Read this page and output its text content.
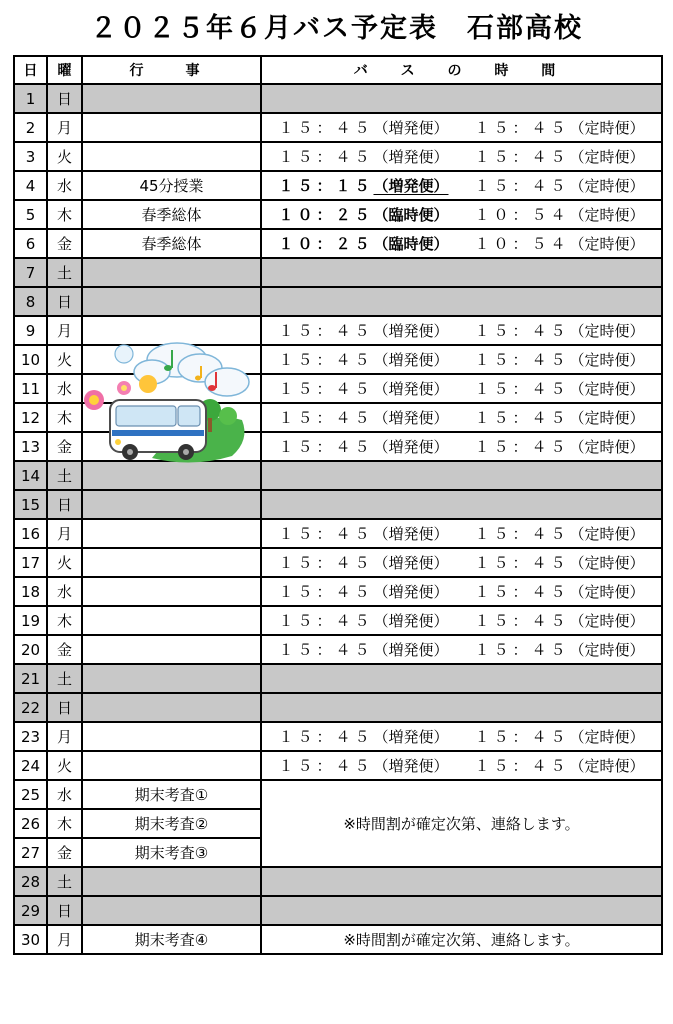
２０２５年６月バス予定表　石部高校
日	曜	行　事	バ ス の 時 間
1	日		
2	月		１５：４５（増発便） １５：４５（定時便）
3	火		１５：４５（増発便） １５：４５（定時便）
4	水	45分授業	１５：１５（増発便） １５：４５（定時便）
5	木	春季総体	１０：２５（臨時便） １０：５４（定時便）
6	金	春季総体	１０：２５（臨時便） １０：５４（定時便）
7	土		
8	日		
9	月		１５：４５（増発便） １５：４５（定時便）
10	火		１５：４５（増発便） １５：４５（定時便）
11	水		１５：４５（増発便） １５：４５（定時便）
12	木		１５：４５（増発便） １５：４５（定時便）
13	金		１５：４５（増発便） １５：４５（定時便）
14	土		
15	日		
16	月		１５：４５（増発便） １５：４５（定時便）
17	火		１５：４５（増発便） １５：４５（定時便）
18	水		１５：４５（増発便） １５：４５（定時便）
19	木		１５：４５（増発便） １５：４５（定時便）
20	金		１５：４５（増発便） １５：４５（定時便）
21	土		
22	日		
23	月		１５：４５（増発便） １５：４５（定時便）
24	火		１５：４５（増発便） １５：４５（定時便）
25	水	期末考査①	※時間割が確定次第、連絡します。
26	木	期末考査②	
27	金	期末考査③	
28	土		
29	日		
30	月	期末考査④	※時間割が確定次第、連絡します。
